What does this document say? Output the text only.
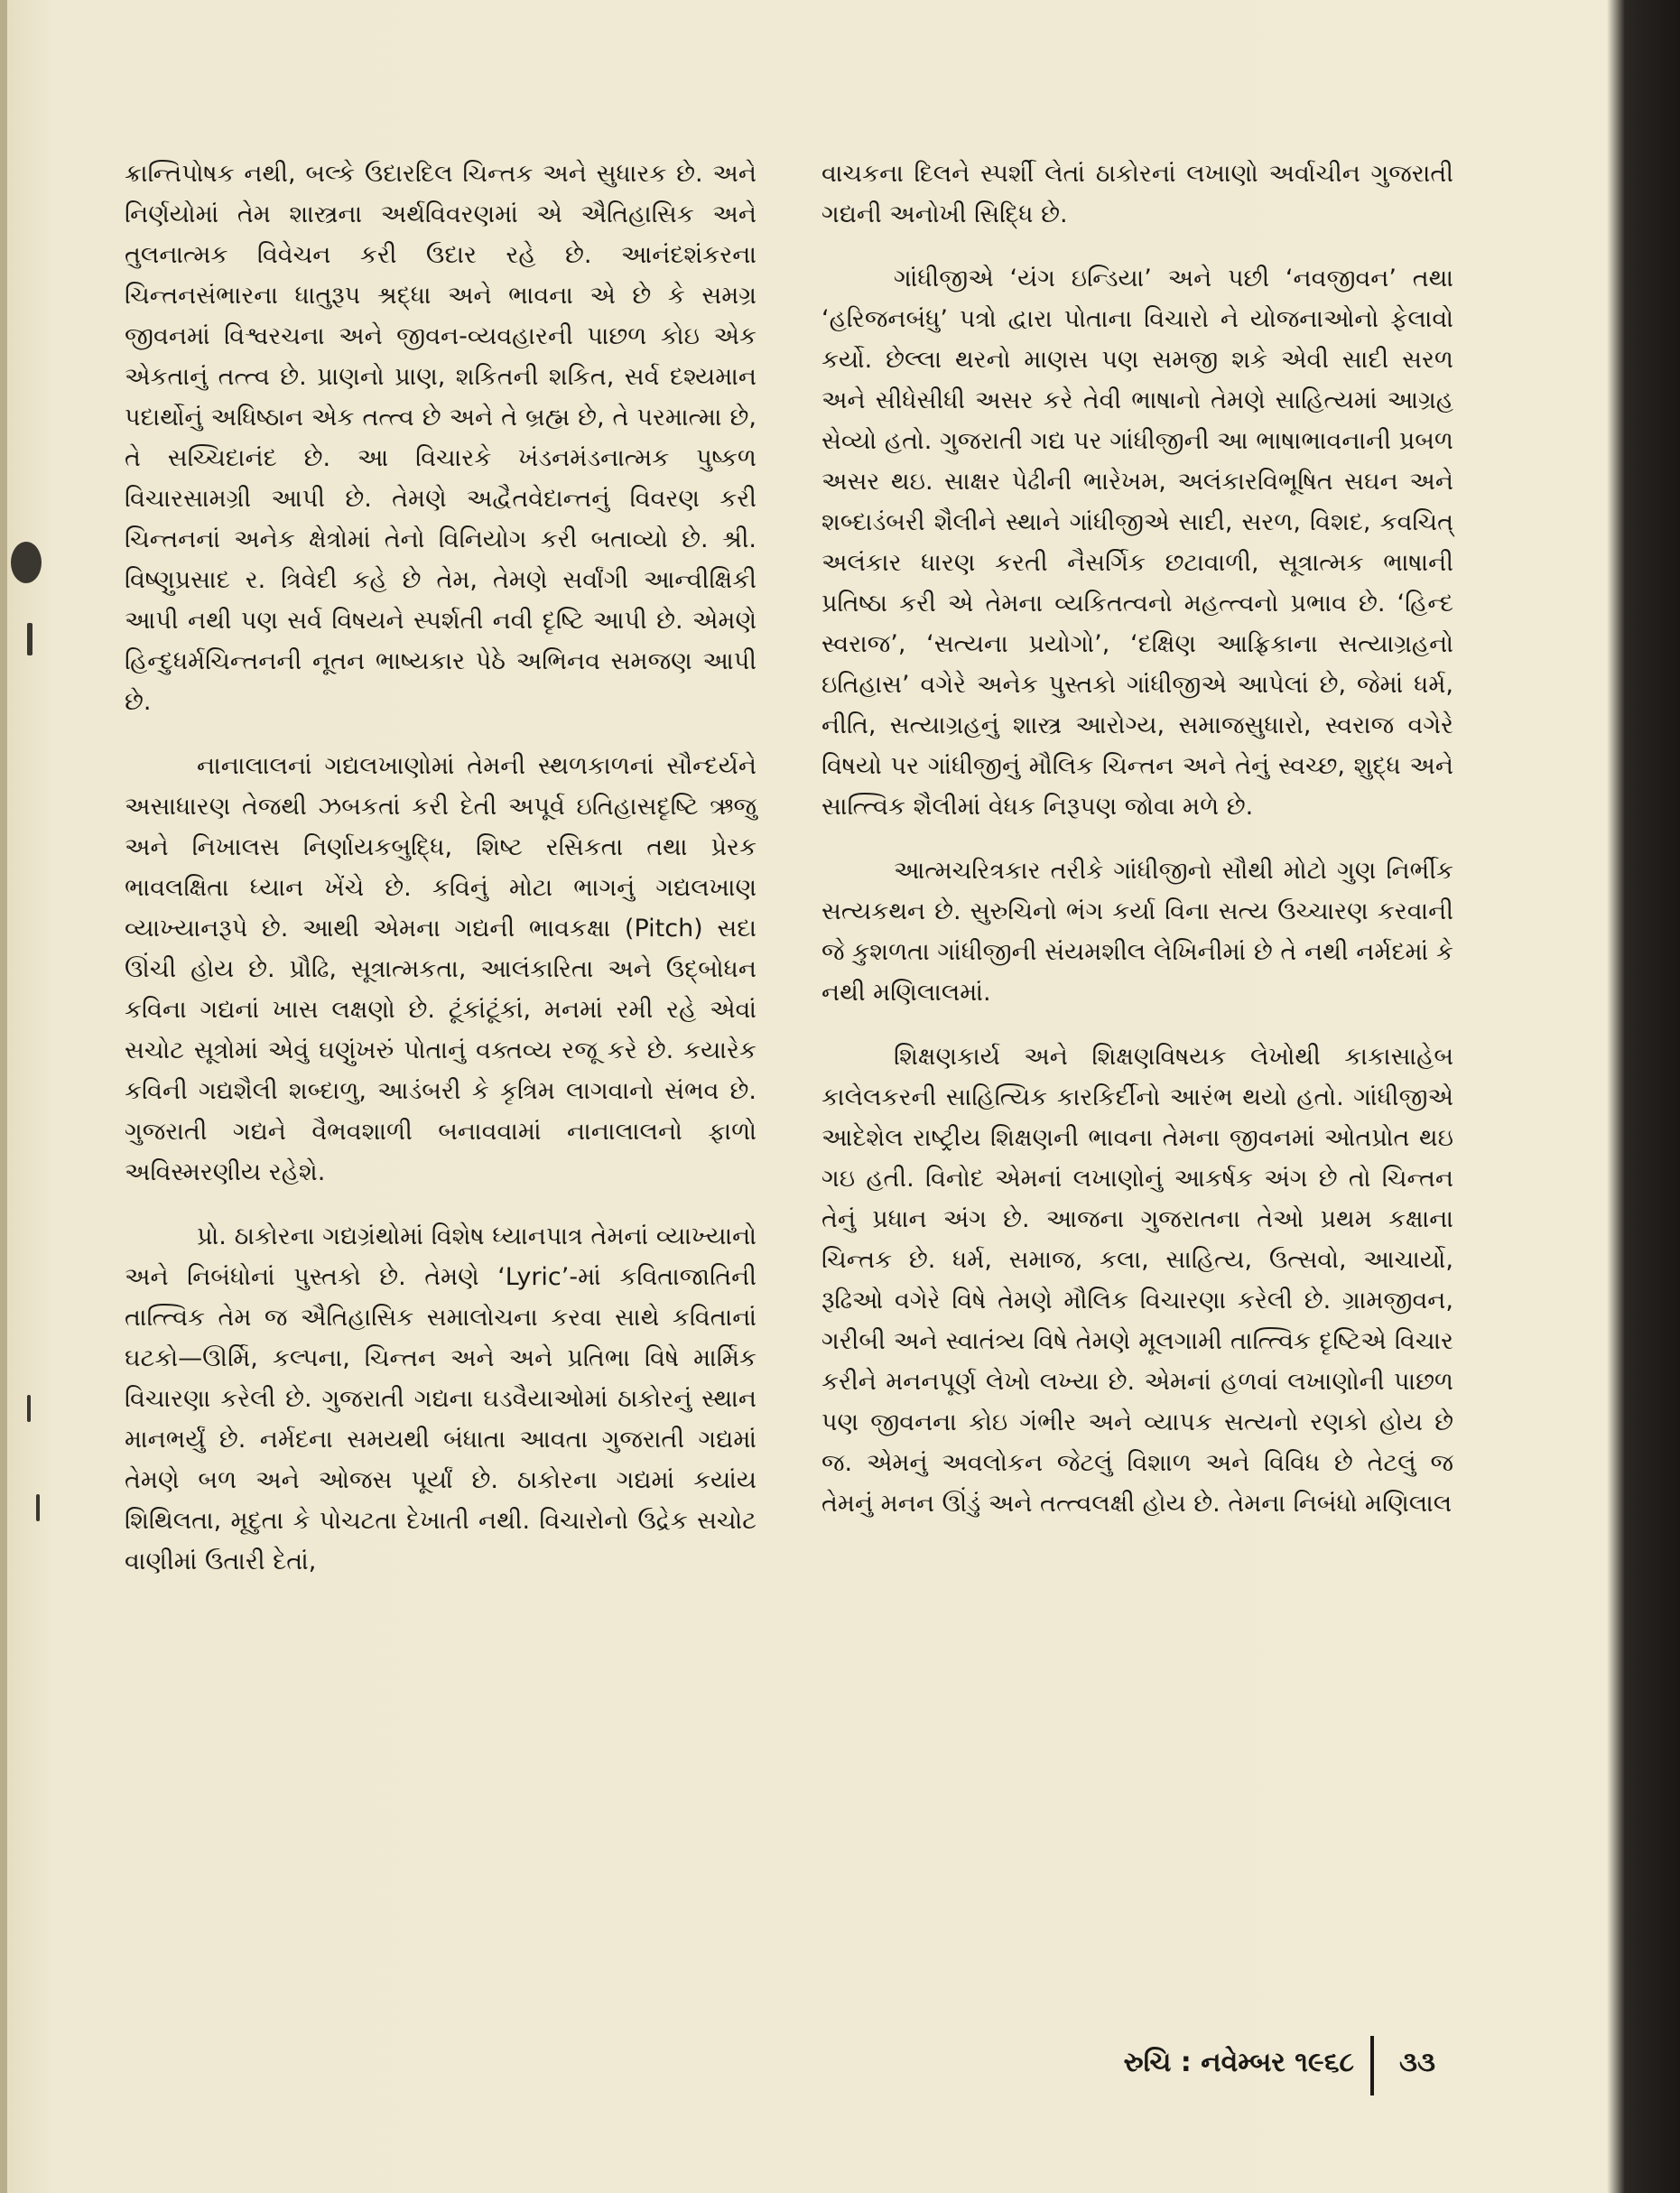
ક્રાન્તિપોષક નથી, બલ્કે ઉદારદિલ ચિન્તક અને સુધારક છે. અને નિર્ણયોમાં તેમ શાસ્ત્રના અર્થવિવરણમાં એ ઐતિહાસિક અને તુલનાત્મક વિવેચન કરી ઉદાર રહે છે. આનંદશંકરના ચિન્તનસંભારના ધાતુરૂપ શ્રદ્ધા અને ભાવના એ છે કે સમગ્ર જીવનમાં વિશ્વરચના અને જીવન-વ્યવહારની પાછળ કોઇ એક એકતાનું તત્ત્વ છે. પ્રાણનો પ્રાણ, શકિતની શકિત, સર્વ દશ્યમાન પદાર્થોનું અધિષ્ઠાન એક તત્ત્વ છે અને તે બ્રહ્મ છે, તે પરમાત્મા છે, તે સચ્ચિદાનંદ છે. આ વિચારકે ખંડનમંડનાત્મક પુષ્કળ વિચારસામગ્રી આપી છે. તેમણે અદ્વૈતવેદાન્તનું વિવરણ કરી ચિન્તનનાં અનેક ક્ષેત્રોમાં તેનો વિનિયોગ કરી બતાવ્યો છે. શ્રી. વિષ્ણુપ્રસાદ ર. ત્રિવેદી કહે છે તેમ, તેમણે સર્વાંગી આન્વીક્ષિકી આપી નથી પણ સર્વ વિષયને સ્પર્શતી નવી દૃષ્ટિ આપી છે. એમણે હિન્દુધર્મચિન્તનની નૂતન ભાષ્યકાર પેઠે અભિનવ સમજણ આપી છે.

નાનાલાલનાં ગદ્યલખાણોમાં તેમની સ્થળકાળનાં સૌન્દર્યને અસાધારણ તેજથી ઝબકતાં કરી દેતી અપૂર્વ ઇતિહાસદૃષ્ટિ ઋજુ અને નિખાલસ નિર્ણાયકબુદ્ધિ, શિષ્ટ રસિકતા તથા પ્રેરક ભાવલક્ષિતા ધ્યાન ખેંચે છે. કવિનું મોટા ભાગનું ગદ્યલખાણ વ્યાખ્યાનરૂપે છે. આથી એમના ગદ્યની ભાવકક્ષા (Pitch) સદા ઊંચી હોય છે. પ્રૌઢિ, સૂત્રાત્મકતા, આલંકારિતા અને ઉદ્‌બોધન કવિના ગદ્યનાં ખાસ લક્ષણો છે. ટૂંકાંટૂંકાં, મનમાં રમી રહે એવાં સચોટ સૂત્રોમાં એવું ઘણુંખરું પોતાનું વક્તવ્ય રજૂ કરે છે. કયારેક કવિની ગદ્યશૈલી શબ્દાળુ, આડંબરી કે કૃત્રિમ લાગવાનો સંભવ છે. ગુજરાતી ગદ્યને વૈભવશાળી બનાવવામાં નાનાલાલનો ફાળો અવિસ્મરણીય રહેશે.

પ્રો. ઠાકોરના ગદ્યગ્રંથોમાં વિશેષ ધ્યાનપાત્ર તેમનાં વ્યાખ્યાનો અને નિબંધોનાં પુસ્તકો છે. તેમણે ‘Lyric’-માં કવિતાજાતિની તાત્ત્વિક તેમ જ ઐતિહાસિક સમાલોચના કરવા સાથે કવિતાનાં ઘટકો—ઊર્મિ, કલ્પના, ચિન્તન અને અને પ્રતિભા વિષે માર્મિક વિચારણા કરેલી છે. ગુજરાતી ગદ્યના ઘડવૈયાઓમાં ઠાકોરનું સ્થાન માનભર્યું છે. નર્મદના સમયથી બંધાતા આવતા ગુજરાતી ગદ્યમાં તેમણે બળ અને ઓજસ પૂર્યાં છે. ઠાકોરના ગદ્યમાં કયાંય શિથિલતા, મૃદુતા કે પોચટતા દેખાતી નથી. વિચારોનો ઉદ્રેક સચોટ વાણીમાં ઉતારી દેતાં,

વાચકના દિલને સ્પર્શી લેતાં ઠાકોરનાં લખાણો અર્વાચીન ગુજરાતી ગદ્યની અનોખી સિદ્ધિ છે.

ગાંધીજીએ ‘યંગ ઇન્ડિયા’ અને પછી ‘નવજીવન’ તથા ‘હરિજનબંધુ’ પત્રો દ્વારા પોતાના વિચારો ને યોજનાઓનો ફેલાવો કર્યો. છેલ્લા થરનો માણસ પણ સમજી શકે એવી સાદી સરળ અને સીધેસીધી અસર કરે તેવી ભાષાનો તેમણે સાહિત્યમાં આગ્રહ સેવ્યો હતો. ગુજરાતી ગદ્ય પર ગાંધીજીની આ ભાષાભાવનાની પ્રબળ અસર થઇ. સાક્ષર પેઢીની ભારેખમ, અલંકારવિભૂષિત સઘન અને શબ્દાડંબરી શૈલીને સ્થાને ગાંધીજીએ સાદી, સરળ, વિશદ, કવચિત્ અલંકાર ધારણ કરતી નૈસર્ગિક છટાવાળી, સૂત્રાત્મક ભાષાની પ્રતિષ્ઠા કરી એ તેમના વ્યકિતત્વનો મહત્ત્વનો પ્રભાવ છે. ‘હિન્દ સ્વરાજ’, ‘સત્યના પ્રયોગો’, ‘દક્ષિણ આફ્રિકાના સત્યાગ્રહનો ઇતિહાસ’ વગેરે અનેક પુસ્તકો ગાંધીજીએ આપેલાં છે, જેમાં ધર્મ, નીતિ, સત્યાગ્રહનું શાસ્ત્ર આરોગ્ય, સમાજસુધારો, સ્વરાજ વગેરે વિષયો પર ગાંધીજીનું મૌલિક ચિન્તન અને તેનું સ્વચ્છ, શુદ્ધ અને સાત્ત્વિક શૈલીમાં વેધક નિરૂપણ જોવા મળે છે.

આત્મચરિત્રકાર તરીકે ગાંધીજીનો સૌથી મોટો ગુણ નિર્ભીક સત્યકથન છે. સુરુચિનો ભંગ કર્યા વિના સત્ય ઉચ્ચારણ કરવાની જે કુશળતા ગાંધીજીની સંયમશીલ લેખિનીમાં છે તે નથી નર્મદમાં કે નથી મણિલાલમાં.

શિક્ષણકાર્ય અને શિક્ષણવિષયક લેખોથી કાકાસાહેબ કાલેલકરની સાહિત્યિક કારકિર્દીનો આરંભ થયો હતો. ગાંધીજીએ આદેશેલ રાષ્ટ્રીય શિક્ષણની ભાવના તેમના જીવનમાં ઓતપ્રોત થઇ ગઇ હતી. વિનોદ એમનાં લખાણોનું આકર્ષક અંગ છે તો ચિન્તન તેનું પ્રધાન અંગ છે. આજના ગુજરાતના તેઓ પ્રથમ કક્ષાના ચિન્તક છે. ધર્મ, સમાજ, કલા, સાહિત્ય, ઉત્સવો, આચાર્યો, રૂઢિઓ વગેરે વિષે તેમણે મૌલિક વિચારણા કરેલી છે. ગ્રામજીવન, ગરીબી અને સ્વાતંત્ર્ય વિષે તેમણે મૂલગામી તાત્ત્વિક દૃષ્ટિએ વિચાર કરીને મનનપૂર્ણ લેખો લખ્યા છે. એમનાં હળવાં લખાણોની પાછળ પણ જીવનના કોઇ ગંભીર અને વ્યાપક સત્યનો રણકો હોય છે જ. એમનું અવલોકન જેટલું વિશાળ અને વિવિધ છે તેટલું જ તેમનું મનન ઊંડું અને તત્ત્વલક્ષી હોય છે. તેમના નિબંધો મણિલાલ

રુચિ : નવેમ્બર ૧૯૬૮ ૩૩
